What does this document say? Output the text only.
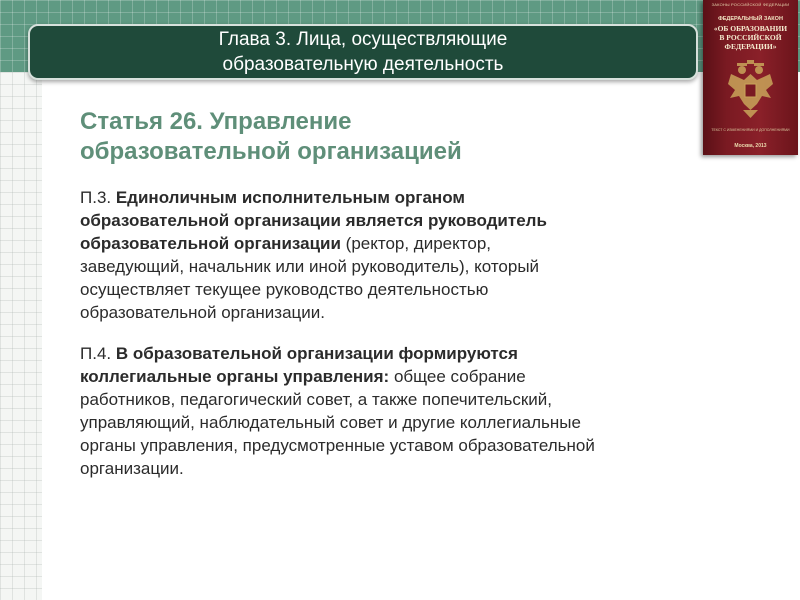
Глава 3. Лица, осуществляющие
образовательную деятельность
ЗАКОНЫ РОССИЙСКОЙ ФЕДЕРАЦИИ
ФЕДЕРАЛЬНЫЙ ЗАКОН
«ОБ ОБРАЗОВАНИИ
В РОССИЙСКОЙ
ФЕДЕРАЦИИ»
ТЕКСТ С ИЗМЕНЕНИЯМИ И ДОПОЛНЕНИЯМИ
Москва, 2013
Статья 26. Управление
образовательной организацией
П.3. Единоличным исполнительным органом
образовательной организации является руководитель
образовательной организации (ректор, директор,
заведующий, начальник или иной руководитель), который
осуществляет текущее руководство деятельностью
образовательной организации.
П.4. В образовательной организации формируются
коллегиальные органы управления: общее собрание
работников, педагогический совет, а также попечительский,
управляющий, наблюдательный совет и другие коллегиальные
органы управления, предусмотренные уставом образовательной
организации.
